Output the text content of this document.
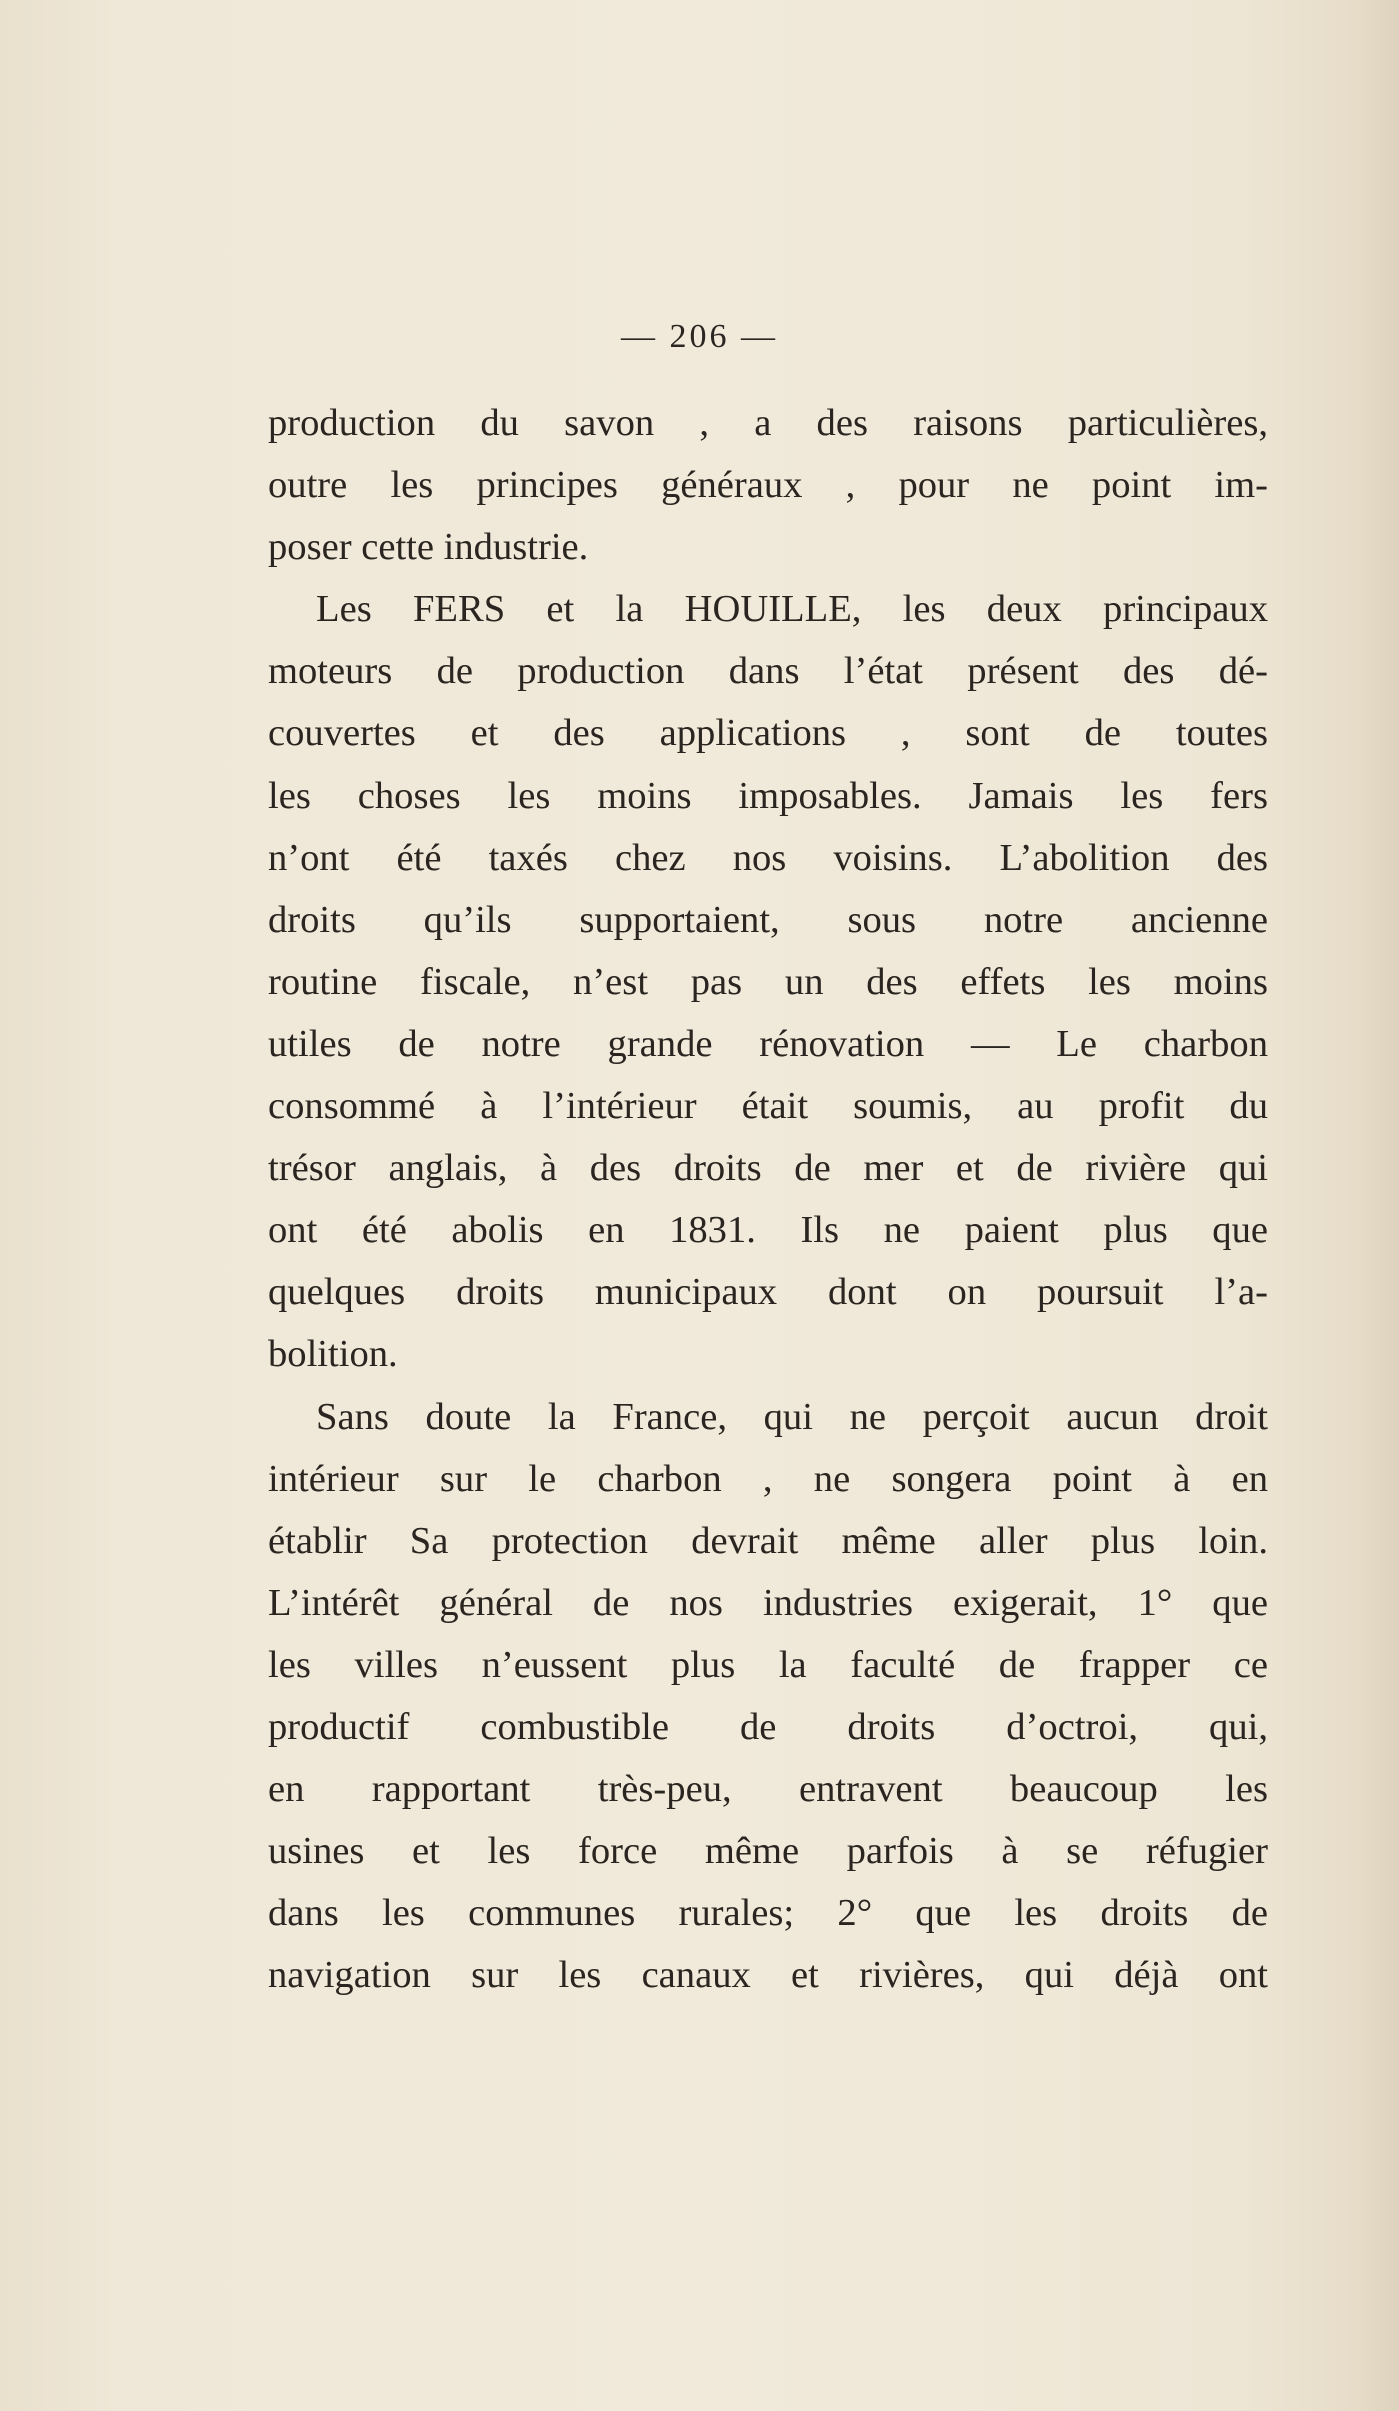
— 206 —
production du savon , a des raisons particulières,
outre les principes généraux , pour ne point im-
poser cette industrie.
Les FERS et la HOUILLE, les deux principaux
moteurs de production dans l’état présent des dé-
couvertes et des applications , sont de toutes
les choses les moins imposables. Jamais les fers
n’ont été taxés chez nos voisins. L’abolition des
droits qu’ils supportaient, sous notre ancienne
routine fiscale, n’est pas un des effets les moins
utiles de notre grande rénovation — Le charbon
consommé à l’intérieur était soumis, au profit du
trésor anglais, à des droits de mer et de rivière qui
ont été abolis en 1831. Ils ne paient plus que
quelques droits municipaux dont on poursuit l’a-
bolition.
Sans doute la France, qui ne perçoit aucun droit
intérieur sur le charbon , ne songera point à en
établir Sa protection devrait même aller plus loin.
L’intérêt général de nos industries exigerait, 1° que
les villes n’eussent plus la faculté de frapper ce
productif combustible de droits d’octroi, qui,
en rapportant très-peu, entravent beaucoup les
usines et les force même parfois à se réfugier
dans les communes rurales; 2° que les droits de
navigation sur les canaux et rivières, qui déjà ont
